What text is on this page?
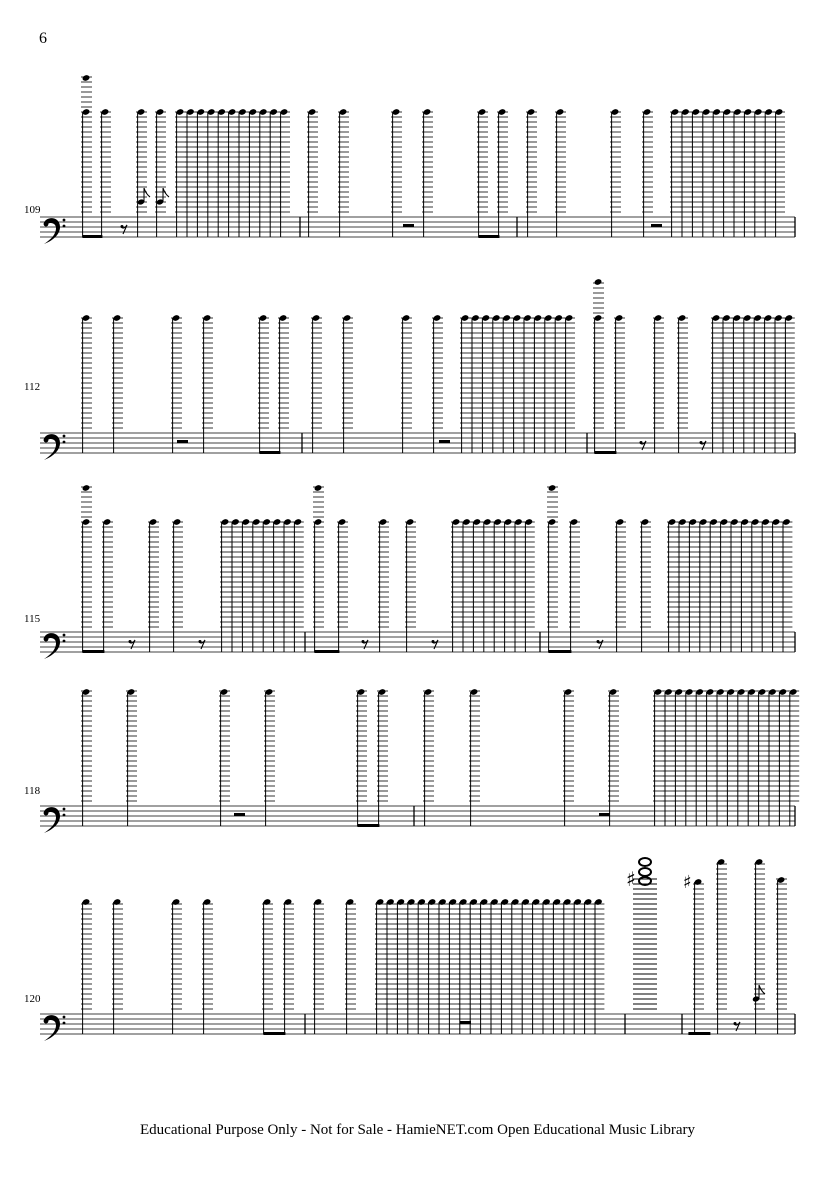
6
109
112
115
118
120
♯	♯
Educational Purpose Only - Not for Sale - HamieNET.com Open Educational Music Library
